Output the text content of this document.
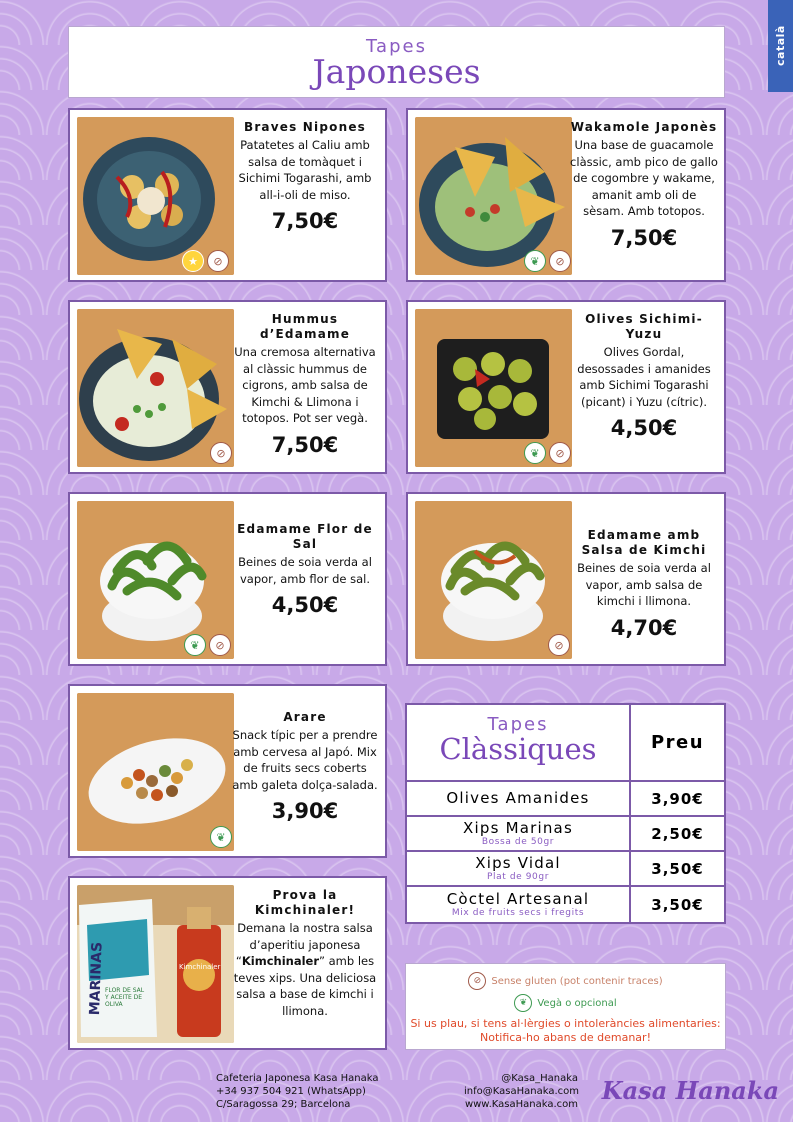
català
Tapes
Japoneses
Braves Nipones
Patatetes al Caliu amb salsa de tomàquet i Sichimi Togarashi, amb all-i-oli de miso.
7,50€
★	⊘
Wakamole Japonès
Una base de guacamole clàssic, amb pico de gallo de cogombre y wakame, amanit amb oli de sèsam. Amb totopos.
7,50€
❦	⊘
Hummus d’Edamame
Una cremosa alternativa al clàssic hummus de cigrons, amb salsa de Kimchi & Llimona i totopos. Pot ser vegà.
7,50€
⊘
Olives Sichimi-Yuzu
Olives Gordal, desossades i amanides amb Sichimi Togarashi (picant) i Yuzu (cítric).
4,50€
❦	⊘
Edamame Flor de Sal
Beines de soia verda al vapor, amb flor de sal.
4,50€
❦	⊘
Edamame amb Salsa de Kimchi
Beines de soia verda al vapor, amb salsa de kimchi i llimona.
4,70€
⊘
Arare
Snack típic per a prendre amb cervesa al Japó. Mix de fruits secs coberts amb galeta dolça-salada.
3,90€
❦
MARINAS FLOR DE SAL Y ACEITE DE OLIVA
Kimchinaler
Prova la Kimchinaler!
Demana la nostra salsa d’aperitiu japonesa “Kimchinaler” amb les teves xips. Una deliciosa salsa a base de kimchi i llimona.
Tapes
Clàssiques	Preu
Olives Amanides	3,90€
Xips Marinas
Bossa de 50gr	2,50€
Xips Vidal
Plat de 90gr	3,50€
Còctel Artesanal
Mix de fruits secs i fregits	3,50€
⊘	Sense gluten (pot contenir traces)
❦	Vegà o opcional
Si us plau, si tens al·lèrgies o intoleràncies alimentaries:
Notifica-ho abans de demanar!
Cafeteria Japonesa Kasa Hanaka
+34 937 504 921 (WhatsApp)
C/Saragossa 29; Barcelona
@Kasa_Hanaka
info@KasaHanaka.com
www.KasaHanaka.com Kasa Hanaka
